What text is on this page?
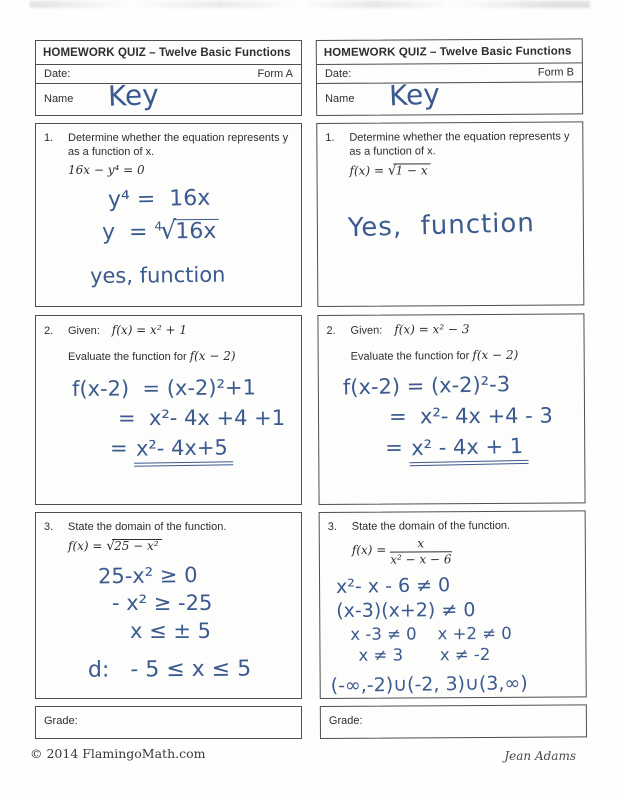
HOMEWORK QUIZ – Twelve Basic Functions
Date:	Form A
Name Key
1.	Determine whether the equation represents y as a function of x.
16x − y⁴ = 0
y⁴ =  16x
y  = $^4$√16x
yes, function
2.	Given: f(x) = x² + 1
Evaluate the function for f(x − 2)
f(x-2)  = (x-2)²+1
=  x²- 4x +4 +1
= x²- 4x+5
3.	State the domain of the function.
f(x) = √25 − x²
25-x² ≥ 0
- x² ≥ -25
x ≤ ± 5
d:   - 5 ≤ x ≤ 5
Grade:
HOMEWORK QUIZ – Twelve Basic Functions
Date:	Form B
Name Key
1.	Determine whether the equation represents y as a function of x.
f(x) = √1 − x
Yes,  function
2.	Given: f(x) = x² − 3
Evaluate the function for f(x − 2)
f(x-2) = (x-2)²-3
=  x²- 4x +4 - 3
= x² - 4x + 1
3.	State the domain of the function.
$f(x) = \frac{x}{\text{x² − x − 6}}$
x²- x - 6 ≠ 0
(x-3)(x+2) ≠ 0
x -3 ≠ 0    x +2 ≠ 0
x ≠ 3       x ≠ -2
(-∞,-2)∪(-2, 3)∪(3,∞)
Grade:
© 2014 FlamingoMath.com	Jean Adams
